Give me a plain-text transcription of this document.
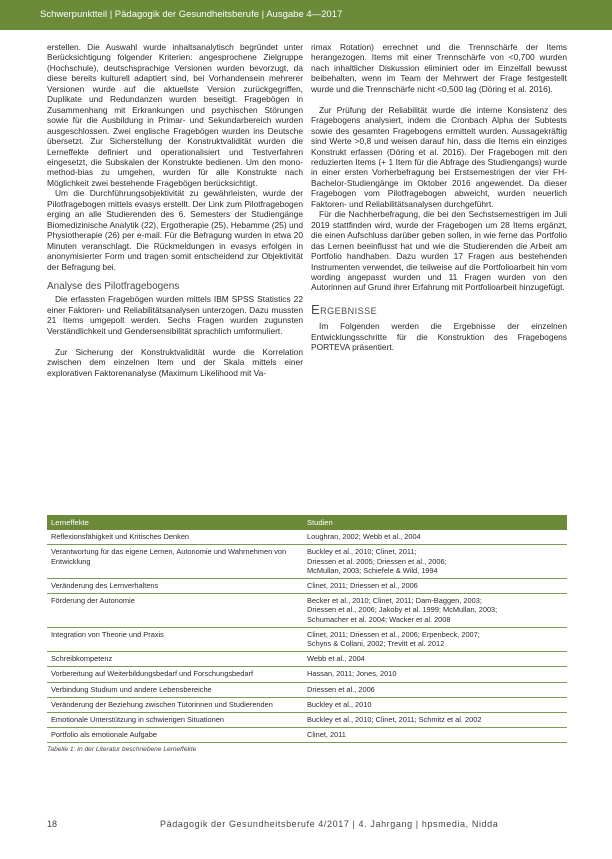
Schwerpunktteil | Pädagogik der Gesundheitsberufe | Ausgabe 4—2017

erstellen. Die Auswahl wurde inhaltsanalytisch begründet unter Berücksichtigung folgender Kriterien: angesprochene Zielgruppe (Hochschule), deutschsprachige Versionen wurden bevorzugt, da diese bereits kulturell adaptiert sind, bei Vorhandensein mehrerer Versionen wurde auf die aktuellste Version zurückgegriffen, Duplikate und Redundanzen wurden beseitigt. Fragebögen in Zusammenhang mit Erkrankungen und psychischen Störungen sowie für die Ausbildung in Primar- und Sekundarbereich wurden ausgeschlossen. Zwei englische Fragebögen wurden ins Deutsche übersetzt. Zur Sicherstellung der Konstruktvalidität wurden die Lerneffekte definiert und operationalisiert und Testverfahren eingesetzt, die Subskalen der Konstrukte bedienen. Um den mono-method-bias zu umgehen, wurden für alle Konstrukte nach Möglichkeit zwei bestehende Fragebögen berücksichtigt.

Um die Durchführungsobjektivität zu gewährleisten, wurde der Pilotfragebogen mittels evasys erstellt. Der Link zum Pilotfragebogen erging an alle Studierenden des 6. Semesters der Studiengänge Biomedizinische Analytik (22), Ergotherapie (25), Hebamme (25) und Physiotherapie (26) per e-mail. Für die Befragung wurden in etwa 20 Minuten veranschlagt. Die Rückmeldungen in evasys erfolgen in anonymisierter Form und tragen somit entscheidend zur Objektivität der Befragung bei.

Analyse des Pilotfragebogens

Die erfassten Fragebögen wurden mittels IBM SPSS Statistics 22 einer Faktoren- und Reliabilitätsanalysen unterzogen. Dazu mussten 21 Items umgepolt werden. Sechs Fragen wurden zugunsten Verständlichkeit und Gendersensibilität sprachlich umformuliert.

Zur Sicherung der Konstruktvalidität wurde die Korrelation zwischen dem einzelnen Item und der Skala mittels einer explorativen Faktorenanalyse (Maximum Likelihood mit Va-

rimax Rotation) errechnet und die Trennschärfe der Items herangezogen. Items mit einer Trennschärfe von <0,700 wurden nach inhaltlicher Diskussion eliminiert oder im Einzelfall bewusst beibehalten, wenn im Team der Mehrwert der Frage festgestellt wurde und die Trennschärfe nicht <0,500 lag (Döring et al. 2016).

Zur Prüfung der Reliabilität wurde die interne Konsistenz des Fragebogens analysiert, indem die Cronbach Alpha der Subtests sowie des gesamten Fragebogens ermittelt wurden. Aussagekräftig sind Werte >0,8 und weisen darauf hin, dass die Items ein einziges Konstrukt erfassen (Döring et al. 2016). Der Fragebogen mit den reduzierten Items (+ 1 Item für die Abfrage des Studiengangs) wurde in einer ersten Vorherbefragung bei Erstsemestrigen der vier FH-Bachelor-Studiengänge im Oktober 2016 angewendet. Da dieser Fragebogen vom Pilotfragebogen abweicht, wurden neuerlich Faktoren- und Reliabilitätsanalysen durchgeführt.

Für die Nachherbefragung, die bei den Sechstsemestrigen im Juli 2019 stattfinden wird, wurde der Fragebogen um 28 Items ergänzt, die einen Aufschluss darüber geben sollen, in wie ferne das Portfolio das Lernen beeinflusst hat und wie die Studierenden die Arbeit am Portfolio handhaben. Dazu wurden 17 Fragen aus bestehenden Instrumenten verwendet, die teilweise auf die Portfolioarbeit hin vom wording angepasst wurden und 11 Fragen wurden von den Autorinnen auf Grund ihrer Erfahrung mit Portfolioarbeit hinzugefügt.

Ergebnisse

Im Folgenden werden die Ergebnisse der einzelnen Entwicklungsschritte für die Konstruktion des Fragebogens PORTEVA präsentiert.

Lerneffekte	Studien
Reflexionsfähigkeit und Kritisches Denken	Loughran, 2002; Webb et al., 2004
Verantwortung für das eigene Lernen, Autonomie und Wahrnehmen von Entwicklung	Buckley et al., 2010; Clinet, 2011;
Driessen et al. 2005; Driessen et al., 2006;
McMullan, 2003; Schiefele & Wild, 1994
Veränderung des Lernverhaltens	Clinet, 2011; Driessen et al., 2006
Förderung der Autonomie	Becker et al., 2010; Clinet, 2011; Dam-Baggen, 2003;
Driessen et al., 2006; Jakoby et al. 1999; McMullan, 2003;
Schumacher et al. 2004; Wacker et al. 2008
Integration von Theorie und Praxis	Clinet, 2011; Driessen et al., 2006; Erpenbeck, 2007;
Schyns & Collani, 2002; Trevitt et al. 2012
Schreibkompetenz	Webb et al., 2004
Vorbereitung auf Weiterbildungsbedarf und Forschungsbedarf	Hassan, 2011; Jones, 2010
Verbindung Studium und andere Lebensbereiche	Driessen et al., 2006
Veränderung der Beziehung zwischen Tutorinnen und Studierenden	Buckley et al., 2010
Emotionale Unterstützung in schwierigen Situationen	Buckley et al., 2010; Clinet, 2011; Schmitz et al. 2002
Portfolio als emotionale Aufgabe	Clinet, 2011
Tabelle 1: In der Literatur beschriebene Lerneffekte
18	Pädagogik der Gesundheitsberufe 4/2017 | 4. Jahrgang | hpsmedia, Nidda
